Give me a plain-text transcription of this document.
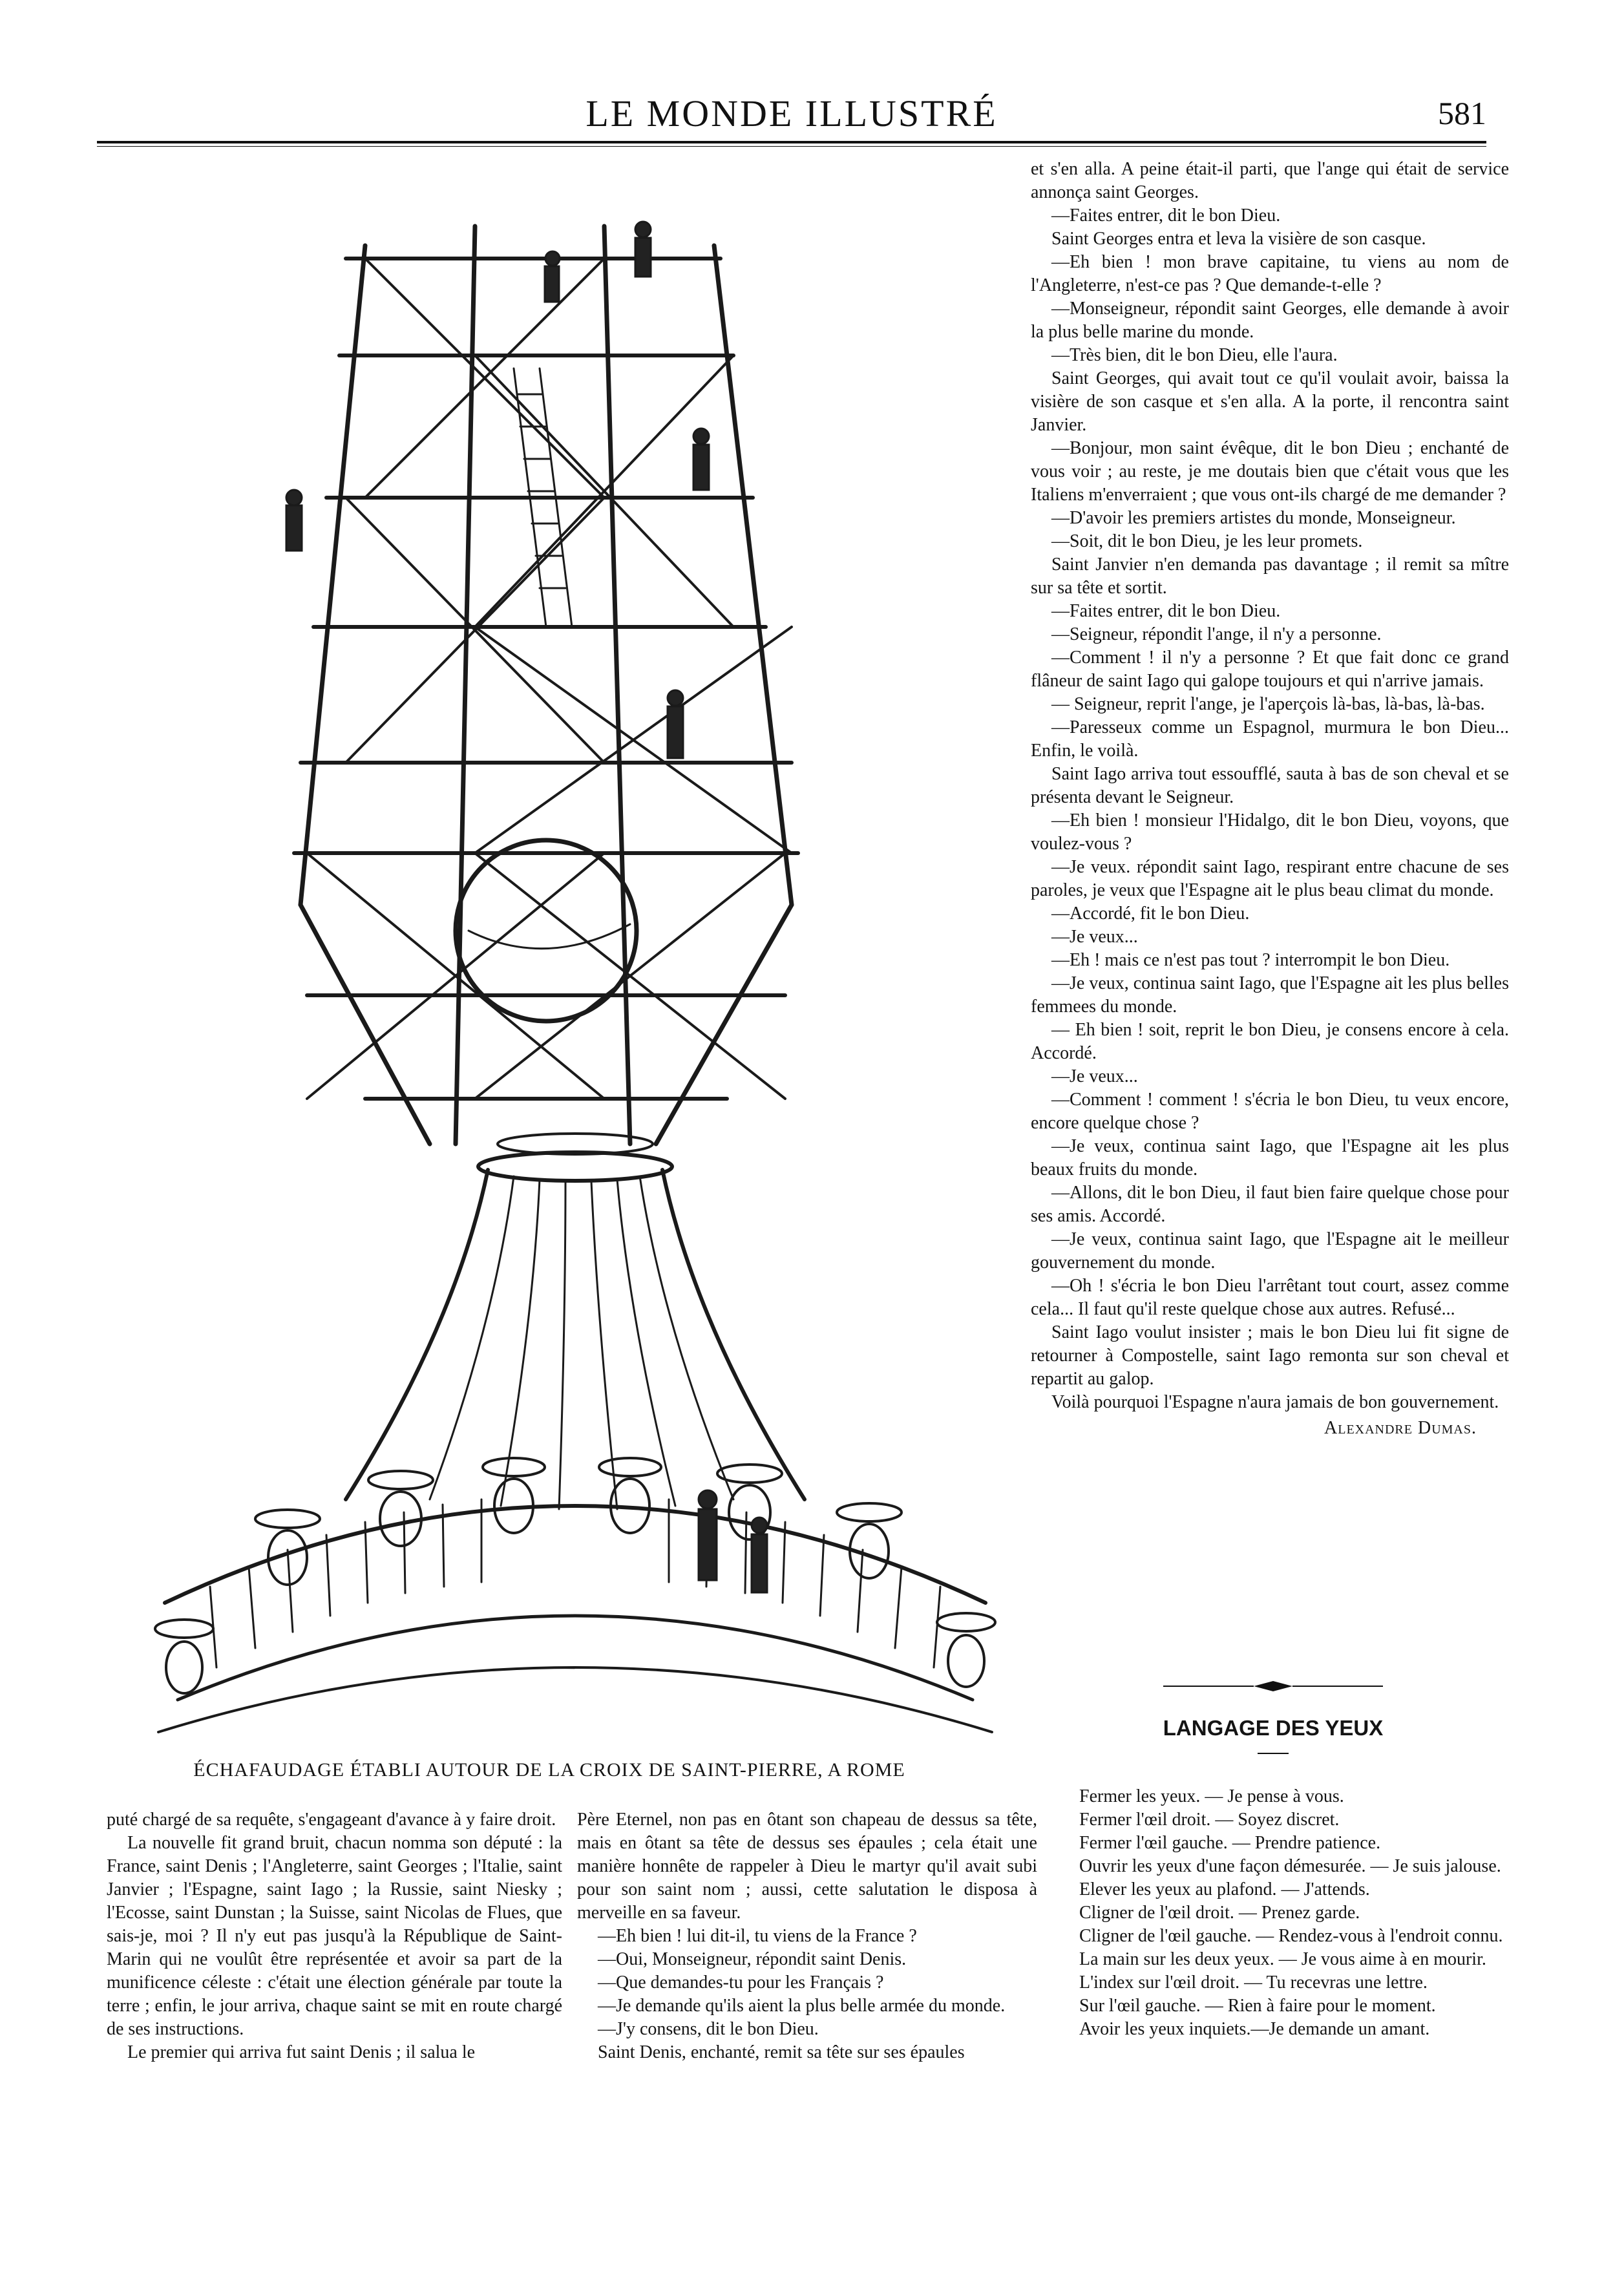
LE MONDE ILLUSTRÉ	581
ÉCHAFAUDAGE ÉTABLI AUTOUR DE LA CROIX DE SAINT-PIERRE, A ROME

et s'en alla. A peine était-il parti, que l'ange qui était de service annonça saint Georges.

—Faites entrer, dit le bon Dieu.

Saint Georges entra et leva la visière de son casque.

—Eh bien ! mon brave capitaine, tu viens au nom de l'Angleterre, n'est-ce pas ? Que demande-t-elle ?

—Monseigneur, répondit saint Georges, elle demande à avoir la plus belle marine du monde.

—Très bien, dit le bon Dieu, elle l'aura.

Saint Georges, qui avait tout ce qu'il voulait avoir, baissa la visière de son casque et s'en alla. A la porte, il rencontra saint Janvier.

—Bonjour, mon saint évêque, dit le bon Dieu ; enchanté de vous voir ; au reste, je me doutais bien que c'était vous que les Italiens m'enverraient ; que vous ont-ils chargé de me demander ?

—D'avoir les premiers artistes du monde, Monseigneur.

—Soit, dit le bon Dieu, je les leur promets.

Saint Janvier n'en demanda pas davantage ; il remit sa mître sur sa tête et sortit.

—Faites entrer, dit le bon Dieu.

—Seigneur, répondit l'ange, il n'y a personne.

—Comment ! il n'y a personne ? Et que fait donc ce grand flâneur de saint Iago qui galope toujours et qui n'arrive jamais.

— Seigneur, reprit l'ange, je l'aperçois là-bas, là-bas, là-bas.

—Paresseux comme un Espagnol, murmura le bon Dieu... Enfin, le voilà.

Saint Iago arriva tout essoufflé, sauta à bas de son cheval et se présenta devant le Seigneur.

—Eh bien ! monsieur l'Hidalgo, dit le bon Dieu, voyons, que voulez-vous ?

—Je veux. répondit saint Iago, respirant entre chacune de ses paroles, je veux que l'Espagne ait le plus beau climat du monde.

—Accordé, fit le bon Dieu.

—Je veux...

—Eh ! mais ce n'est pas tout ? interrompit le bon Dieu.

—Je veux, continua saint Iago, que l'Espagne ait les plus belles femmees du monde.

— Eh bien ! soit, reprit le bon Dieu, je consens encore à cela. Accordé.

—Je veux...

—Comment ! comment ! s'écria le bon Dieu, tu veux encore, encore quelque chose ?

—Je veux, continua saint Iago, que l'Espagne ait les plus beaux fruits du monde.

—Allons, dit le bon Dieu, il faut bien faire quelque chose pour ses amis. Accordé.

—Je veux, continua saint Iago, que l'Espagne ait le meilleur gouvernement du monde.

—Oh ! s'écria le bon Dieu l'arrêtant tout court, assez comme cela... Il faut qu'il reste quelque chose aux autres. Refusé...

Saint Iago voulut insister ; mais le bon Dieu lui fit signe de retourner à Compostelle, saint Iago remonta sur son cheval et repartit au galop.

Voilà pourquoi l'Espagne n'aura jamais de bon gouvernement.

Alexandre Dumas.

LANGAGE DES YEUX

puté chargé de sa requête, s'engageant d'avance à y faire droit.

La nouvelle fit grand bruit, chacun nomma son député : la France, saint Denis ; l'Angleterre, saint Georges ; l'Italie, saint Janvier ; l'Espagne, saint Iago ; la Russie, saint Niesky ; l'Ecosse, saint Dunstan ; la Suisse, saint Nicolas de Flues, que sais-je, moi ? Il n'y eut pas jusqu'à la République de Saint-Marin qui ne voulût être représentée et avoir sa part de la munificence céleste : c'était une élection générale par toute la terre ; enfin, le jour arriva, chaque saint se mit en route chargé de ses instructions.

Le premier qui arriva fut saint Denis ; il salua le

Père Eternel, non pas en ôtant son chapeau de dessus sa tête, mais en ôtant sa tête de dessus ses épaules ; cela était une manière honnête de rappeler à Dieu le martyr qu'il avait subi pour son saint nom ; aussi, cette salutation le disposa à merveille en sa faveur.

—Eh bien ! lui dit-il, tu viens de la France ?

—Oui, Monseigneur, répondit saint Denis.

—Que demandes-tu pour les Français ?

—Je demande qu'ils aient la plus belle armée du monde.

—J'y consens, dit le bon Dieu.

Saint Denis, enchanté, remit sa tête sur ses épaules

Fermer les yeux. — Je pense à vous.

Fermer l'œil droit. — Soyez discret.

Fermer l'œil gauche. — Prendre patience.

Ouvrir les yeux d'une façon démesurée. — Je suis jalouse.

Elever les yeux au plafond. — J'attends.

Cligner de l'œil droit. — Prenez garde.

Cligner de l'œil gauche. — Rendez-vous à l'endroit connu.

La main sur les deux yeux. — Je vous aime à en mourir.

L'index sur l'œil droit. — Tu recevras une lettre.

Sur l'œil gauche. — Rien à faire pour le moment.

Avoir les yeux inquiets.—Je demande un amant.
